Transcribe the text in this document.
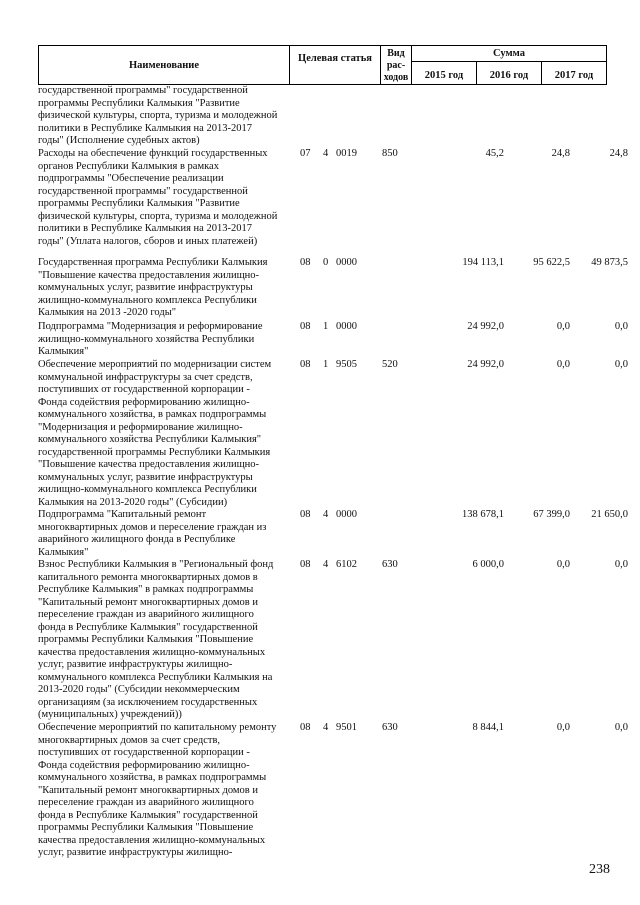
Наименование
Целевая статья	Вид рас-ходов
Сумма
2015 год	2016 год	2017 год
государственной программы" государственной программы Республики Калмыкия "Развитие физической культуры, спорта, туризма и молодежной политики в Республике Калмыкия на 2013-2017 годы" (Исполнение судебных актов)
Расходы на обеспечение функций государственных органов Республики Калмыкия в рамках подпрограммы "Обеспечение реализации государственной программы" государственной программы Республики Калмыкия "Развитие физической культуры, спорта, туризма и молодежной политики в Республике Калмыкия на 2013-2017 годы" (Уплата налогов, сборов и иных платежей)
07 4 0019 850	45,2	24,8	24,8
Государственная программа Республики Калмыкия "Повышение качества предоставления жилищно-коммунальных услуг, развитие инфраструктуры жилищно-коммунального комплекса Республики Калмыкия на 2013 -2020 годы"
08 0 0000	194 113,1	95 622,5 49 873,5
Подпрограмма "Модернизация и реформирование жилищно-коммунального хозяйства Республики Калмыкия"
08 1 0000	24 992,0	0,0	0,0
Обеспечение мероприятий по модернизации систем коммунальной инфраструктуры за счет средств, поступивших от государственной корпорации - Фонда содействия реформированию жилищно-коммунального хозяйства, в рамках подпрограммы "Модернизация и реформирование жилищно-коммунального хозяйства Республики Калмыкия" государственной программы Республики Калмыкия "Повышение качества предоставления жилищно-коммунальных услуг, развитие инфраструктуры жилищно-коммунального комплекса Республики Калмыкия на 2013-2020 годы" (Субсидии)
08 1 9505 520	24 992,0	0,0	0,0
Подпрограмма "Капитальный ремонт многоквартирных домов и переселение граждан из аварийного жилищного фонда в Республике Калмыкия"
08 4 0000	138 678,1	67 399,0 21 650,0
Взнос Республики Калмыкия в "Региональный фонд капитального ремонта многоквартирных домов в Республике Калмыкия" в рамках подпрограммы "Капитальный ремонт многоквартирных домов и переселение граждан из аварийного жилищного фонда в Республике Калмыкия" государственной программы Республики Калмыкия "Повышение качества предоставления жилищно-коммунальных услуг, развитие инфраструктуры жилищно-коммунального комплекса Республики Калмыкия на 2013-2020 годы" (Субсидии некоммерческим организациям (за исключением государственных (муниципальных) учреждений))
08 4 6102 630	6 000,0	0,0	0,0
Обеспечение мероприятий по капитальному ремонту многоквартирных домов за счет средств, поступивших от государственной корпорации - Фонда содействия реформированию жилищно-коммунального хозяйства, в рамках подпрограммы "Капитальный ремонт многоквартирных домов и переселение граждан из аварийного жилищного фонда в Республике Калмыкия" государственной программы Республики Калмыкия "Повышение качества предоставления жилищно-коммунальных услуг, развитие инфраструктуры жилищно-
08 4 9501 630	8 844,1	0,0	0,0
238
